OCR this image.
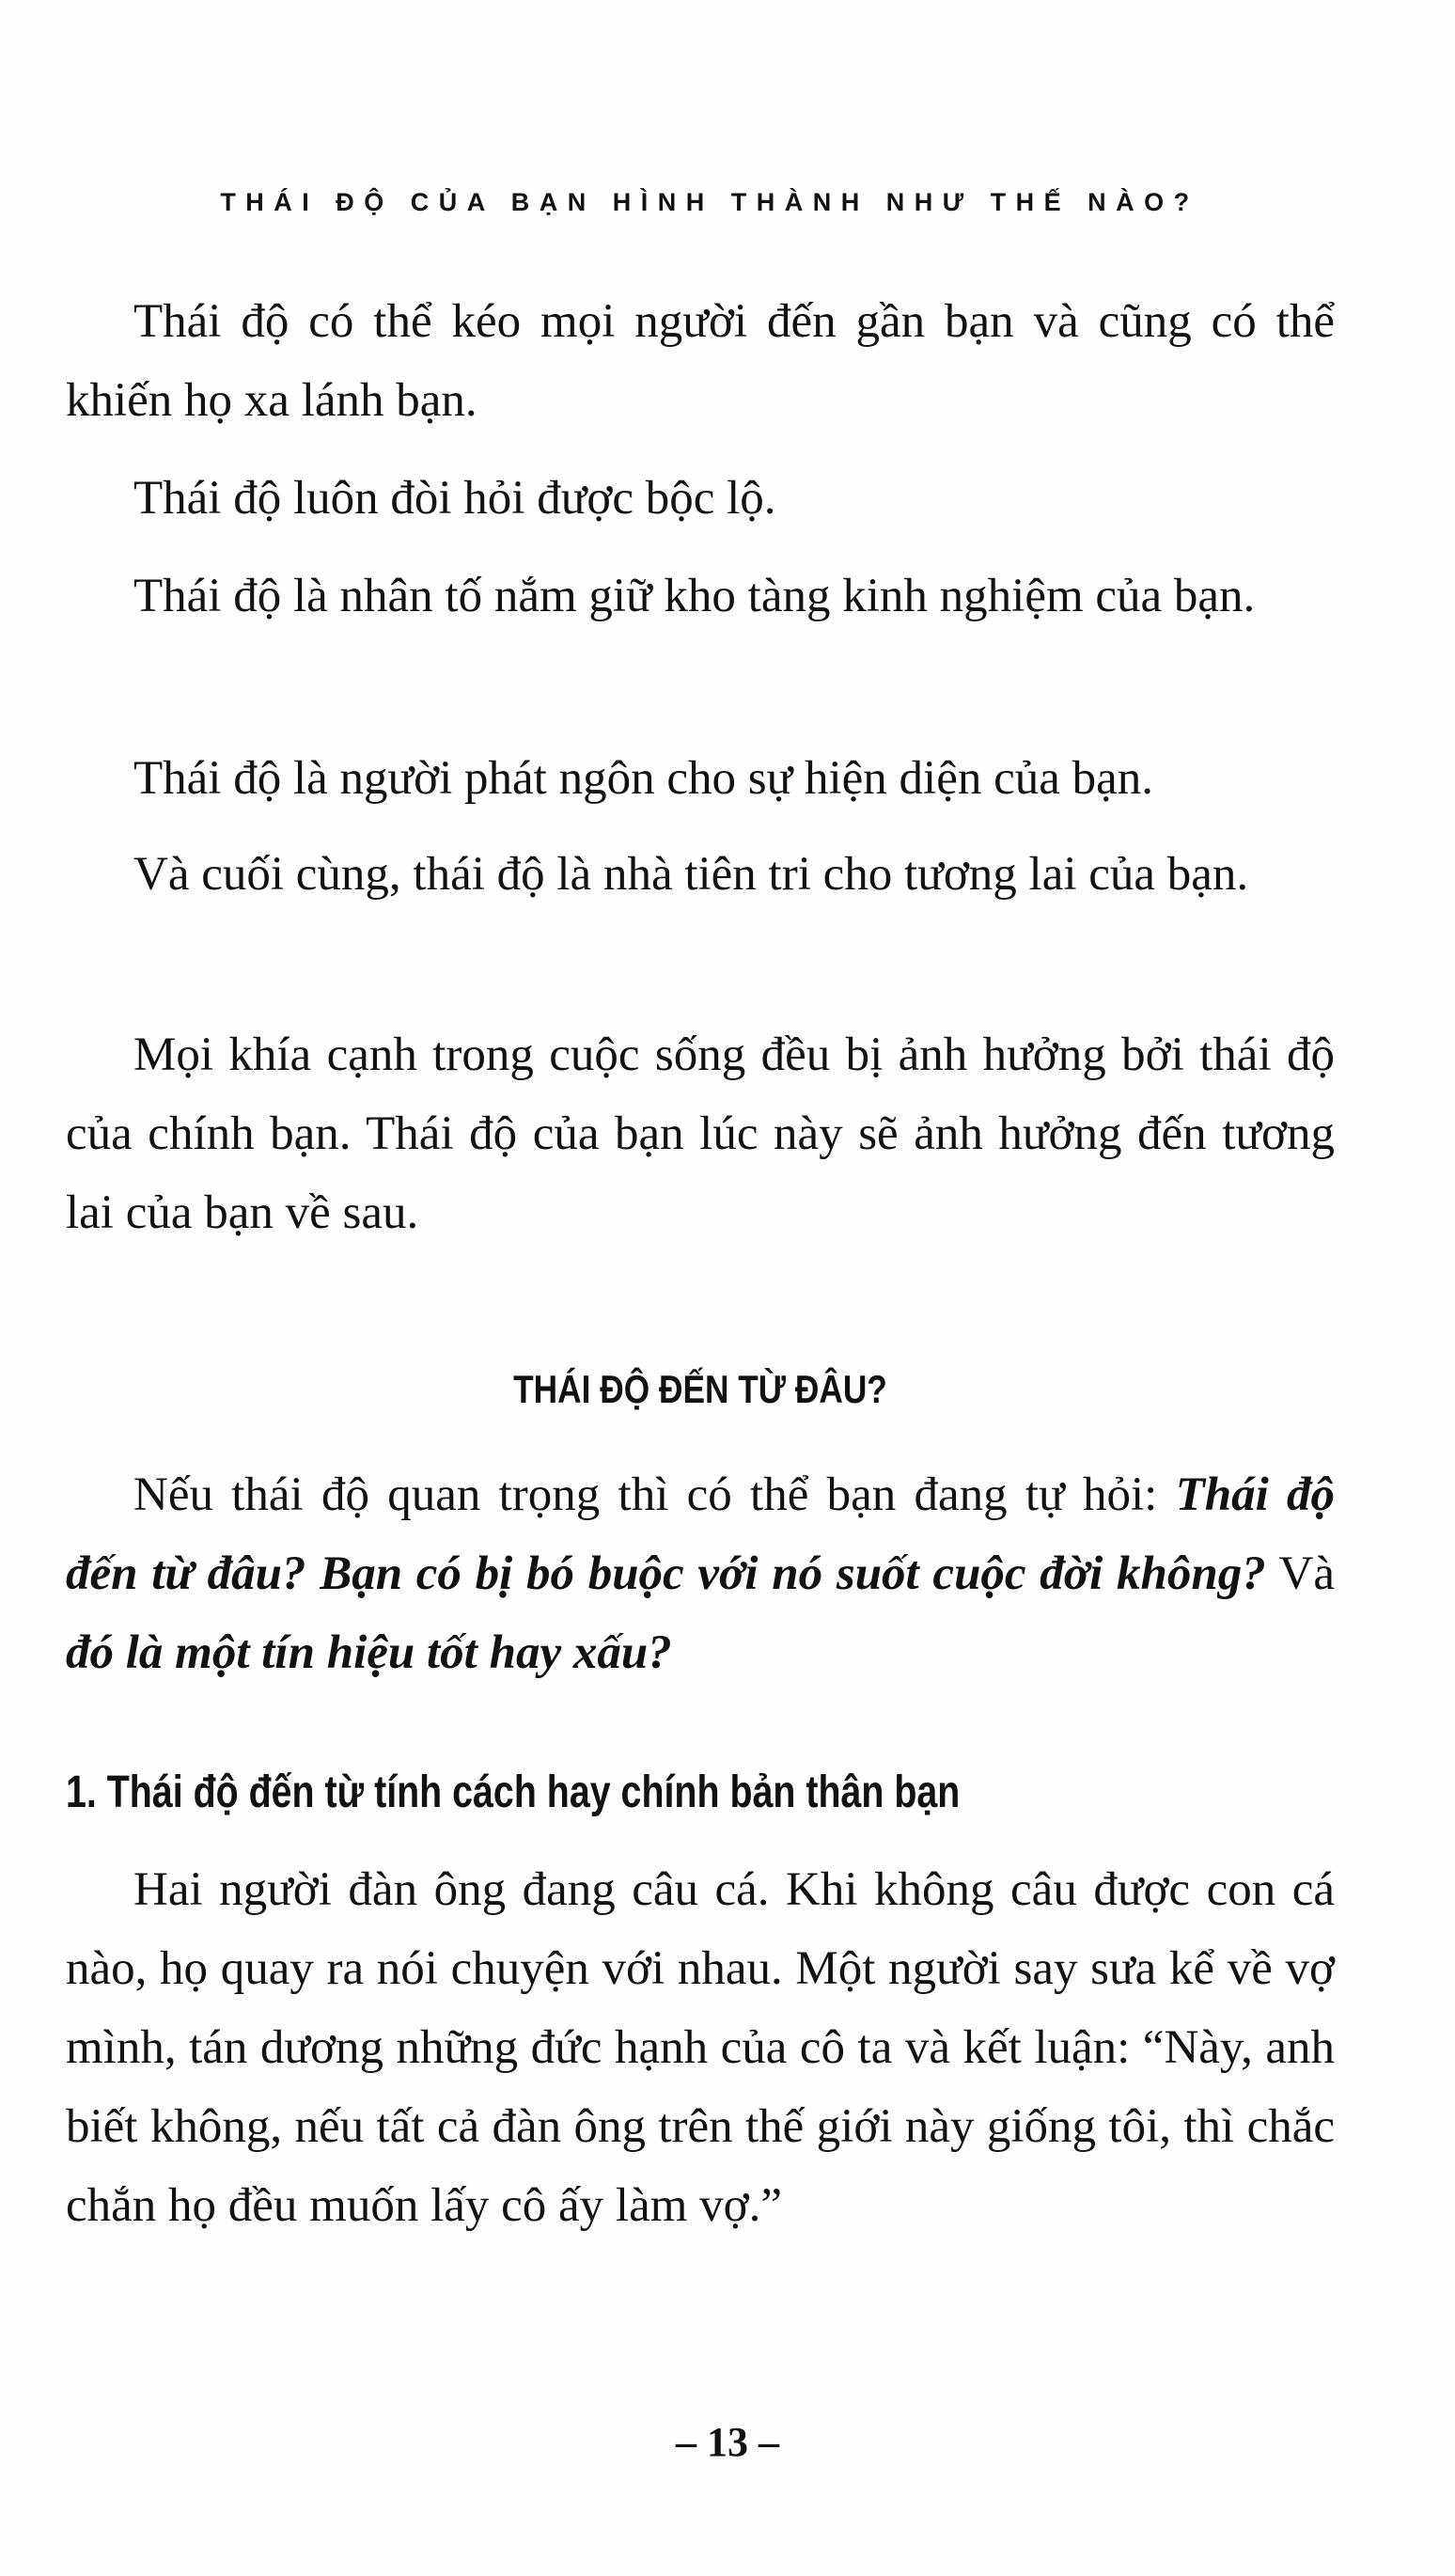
THÁI ĐỘ CỦA BẠN HÌNH THÀNH NHƯ THẾ NÀO?

Thái độ có thể kéo mọi người đến gần bạn và cũng có thể khiến họ xa lánh bạn.

Thái độ luôn đòi hỏi được bộc lộ.

Thái độ là nhân tố nắm giữ kho tàng kinh nghiệm của bạn.

Thái độ là người phát ngôn cho sự hiện diện của bạn.

Và cuối cùng, thái độ là nhà tiên tri cho tương lai của bạn.

Mọi khía cạnh trong cuộc sống đều bị ảnh hưởng bởi thái độ của chính bạn. Thái độ của bạn lúc này sẽ ảnh hưởng đến tương lai của bạn về sau.

THÁI ĐỘ ĐẾN TỪ ĐÂU?

Nếu thái độ quan trọng thì có thể bạn đang tự hỏi: Thái độ đến từ đâu? Bạn có bị bó buộc với nó suốt cuộc đời không? Và đó là một tín hiệu tốt hay xấu?

1. Thái độ đến từ tính cách hay chính bản thân bạn

Hai người đàn ông đang câu cá. Khi không câu được con cá nào, họ quay ra nói chuyện với nhau. Một người say sưa kể về vợ mình, tán dương những đức hạnh của cô ta và kết luận: “Này, anh biết không, nếu tất cả đàn ông trên thế giới này giống tôi, thì chắc chắn họ đều muốn lấy cô ấy làm vợ.”

– 13 –
